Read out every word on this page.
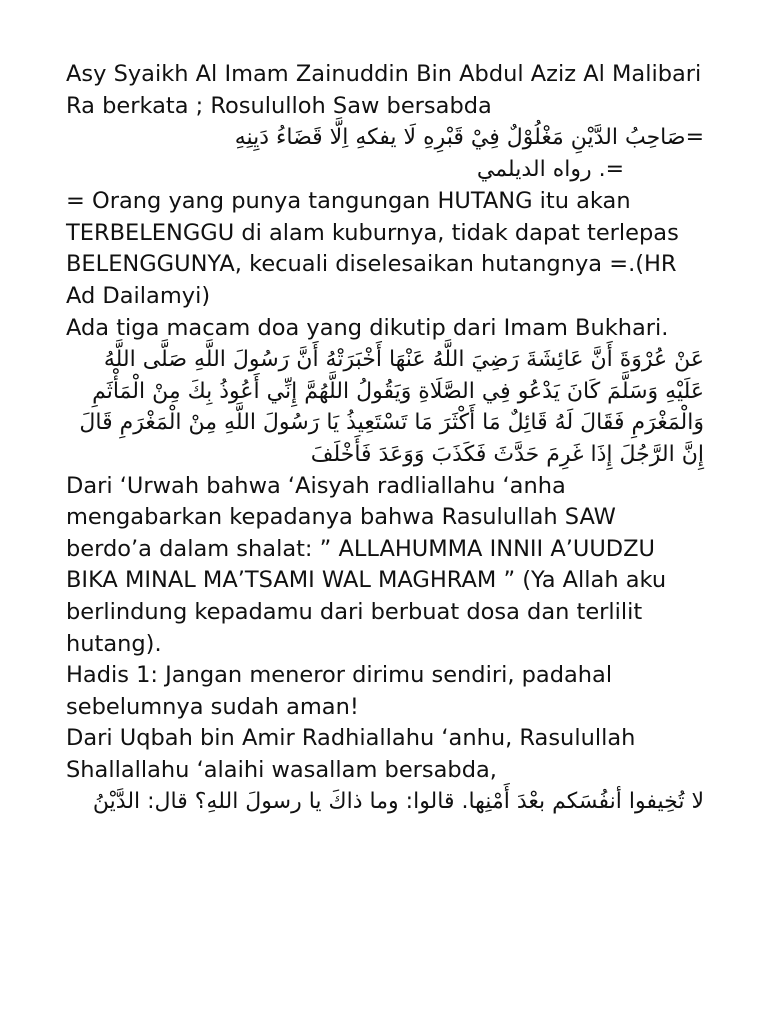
Asy Syaikh Al Imam Zainuddin Bin Abdul Aziz Al Malibari Ra berkata ; Rosululloh Saw bersabda

=صَاحِبُ الدَّيْنِ مَغْلُوْلٌ فِيْ قَبْرِهِ لَا يفكهِ اِلَّا قَضَاءُ دَيِنِهِ

=. رواه الديلمي

= Orang yang punya tangungan HUTANG itu akan TERBELENGGU di alam kuburnya, tidak dapat terlepas BELENGGUNYA, kecuali diselesaikan hutangnya =.(HR Ad Dailamyi)

Ada tiga macam doa yang dikutip dari Imam Bukhari.

عَنْ عُرْوَةَ أَنَّ عَائِشَةَ رَضِيَ اللَّهُ عَنْهَا أَخْبَرَتْهُ أَنَّ رَسُولَ اللَّهِ صَلَّى اللَّهُ عَلَيْهِ وَسَلَّمَ كَانَ يَدْعُو فِي الصَّلَاةِ وَيَقُولُ اللَّهُمَّ إِنِّي أَعُوذُ بِكَ مِنْ الْمَأْثَمِ وَالْمَغْرَمِ فَقَالَ لَهُ قَائِلٌ مَا أَكْثَرَ مَا تَسْتَعِيذُ يَا رَسُولَ اللَّهِ مِنْ الْمَغْرَمِ قَالَ إِنَّ الرَّجُلَ إِذَا غَرِمَ حَدَّثَ فَكَذَبَ وَوَعَدَ فَأَخْلَفَ

Dari ‘Urwah bahwa ‘Aisyah radliallahu ‘anha mengabarkan kepadanya bahwa Rasulullah SAW berdo’a dalam shalat: ” ALLAHUMMA INNII A’UUDZU BIKA MINAL MA’TSAMI WAL MAGHRAM ” (Ya Allah aku berlindung kepadamu dari berbuat dosa dan terlilit hutang).

Hadis 1: Jangan meneror dirimu sendiri, padahal sebelumnya sudah aman!

Dari Uqbah bin Amir Radhiallahu ‘anhu, Rasulullah Shallallahu ‘alaihi wasallam bersabda,

لا تُخِيفوا أنفُسَكم بعْدَ أَمْنِها. قالوا: وما ذاكَ يا رسولَ اللهِ؟ قال: الدَّيْنُ
